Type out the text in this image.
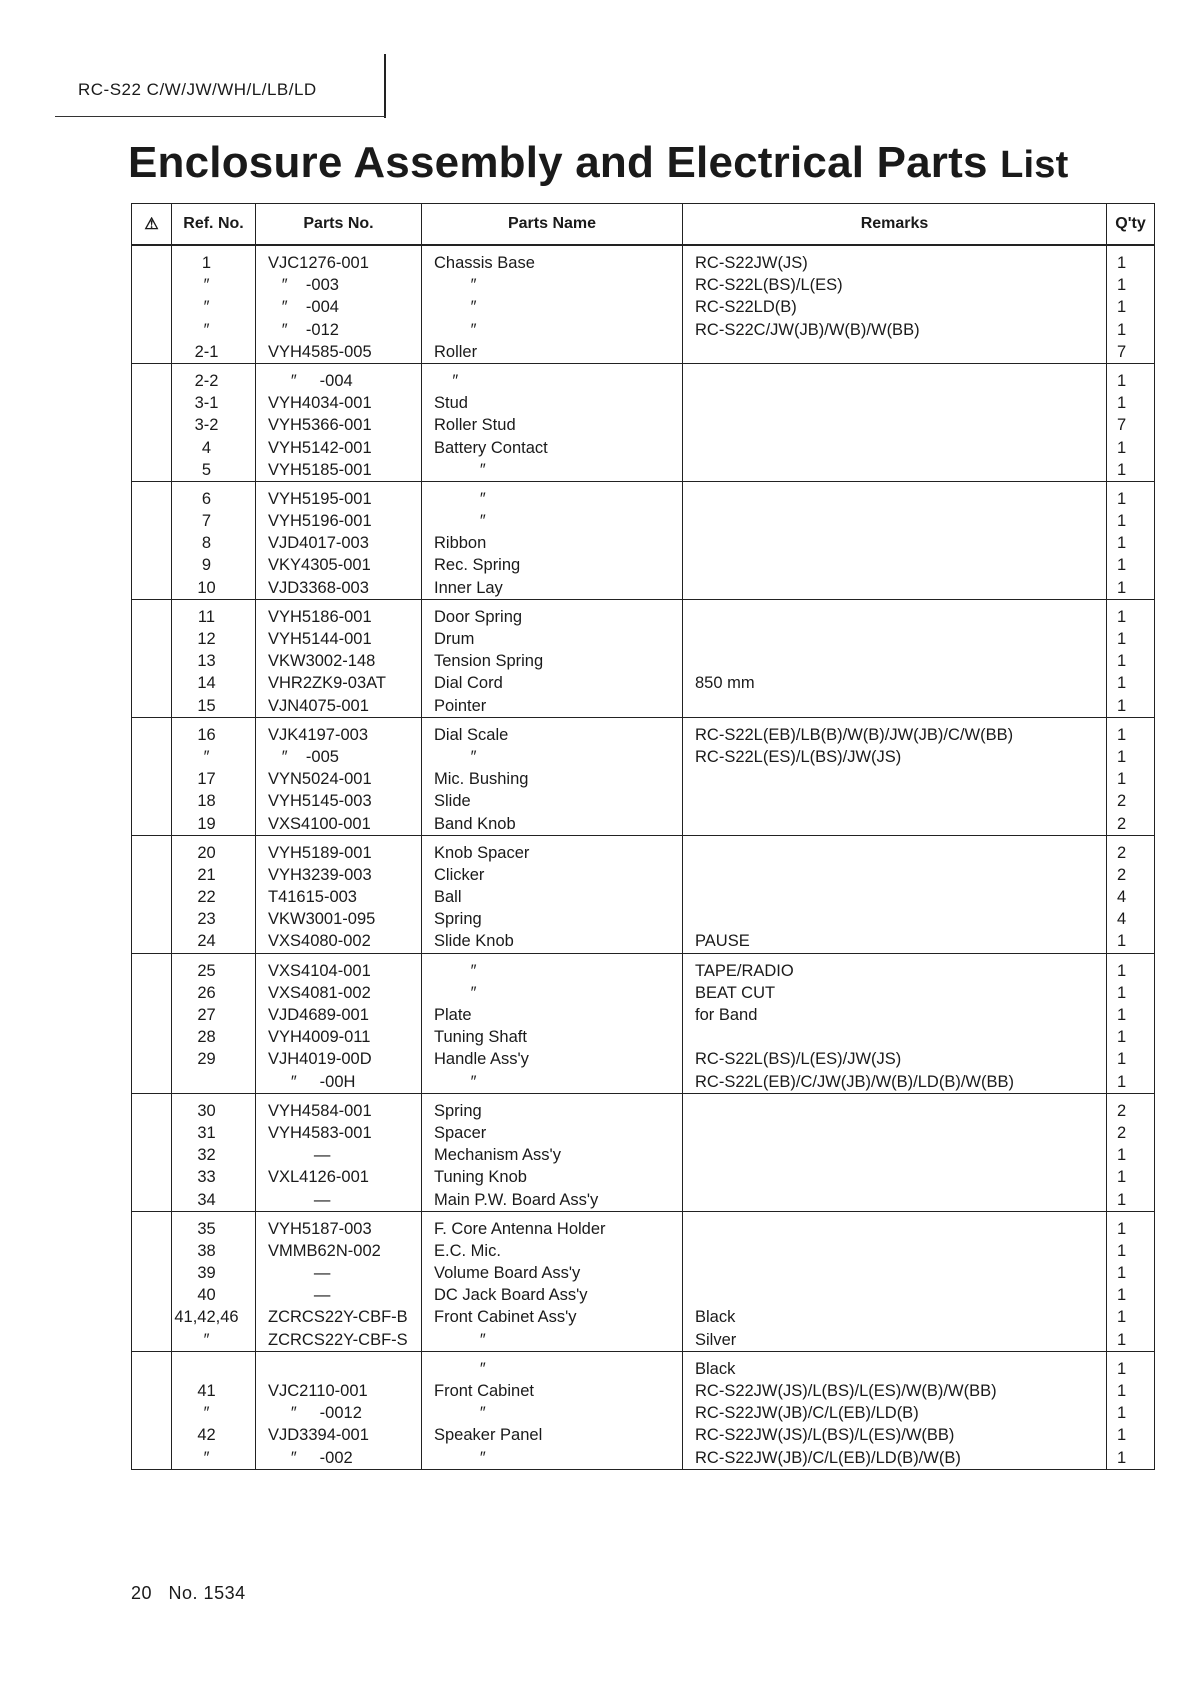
RC-S22 C/W/JW/WH/L/LB/LD
Enclosure Assembly and Electrical Parts List
⚠	Ref. No.	Parts No.	Parts Name	Remarks	Q'ty
	1	VJC1276-001	Chassis Base	RC-S22JW(JS)	1
	″	″    -003	″	RC-S22L(BS)/L(ES)	1
	″	″    -004	″	RC-S22LD(B)	1
	″	″    -012	″	RC-S22C/JW(JB)/W(B)/W(BB)	1
	2-1	VYH4585-005	Roller		7
	2-2	″     -004	″		1
	3-1	VYH4034-001	Stud		1
	3-2	VYH5366-001	Roller Stud		7
	4	VYH5142-001	Battery Contact		1
	5	VYH5185-001	″		1
	6	VYH5195-001	″		1
	7	VYH5196-001	″		1
	8	VJD4017-003	Ribbon		1
	9	VKY4305-001	Rec. Spring		1
	10	VJD3368-003	Inner Lay		1
	11	VYH5186-001	Door Spring		1
	12	VYH5144-001	Drum		1
	13	VKW3002-148	Tension Spring		1
	14	VHR2ZK9-03AT	Dial Cord	850 mm	1
	15	VJN4075-001	Pointer		1
	16	VJK4197-003	Dial Scale	RC-S22L(EB)/LB(B)/W(B)/JW(JB)/C/W(BB)	1
	″	″    -005	″	RC-S22L(ES)/L(BS)/JW(JS)	1
	17	VYN5024-001	Mic. Bushing		1
	18	VYH5145-003	Slide		2
	19	VXS4100-001	Band Knob		2
	20	VYH5189-001	Knob Spacer		2
	21	VYH3239-003	Clicker		2
	22	T41615-003	Ball		4
	23	VKW3001-095	Spring		4
	24	VXS4080-002	Slide Knob	PAUSE	1
	25	VXS4104-001	″	TAPE/RADIO	1
	26	VXS4081-002	″	BEAT CUT	1
	27	VJD4689-001	Plate	for Band	1
	28	VYH4009-011	Tuning Shaft		1
	29	VJH4019-00D	Handle Ass'y	RC-S22L(BS)/L(ES)/JW(JS)	1
		″     -00H	″	RC-S22L(EB)/C/JW(JB)/W(B)/LD(B)/W(BB)	1
	30	VYH4584-001	Spring		2
	31	VYH4583-001	Spacer		2
	32	—	Mechanism Ass'y		1
	33	VXL4126-001	Tuning Knob		1
	34	—	Main P.W. Board Ass'y		1
	35	VYH5187-003	F. Core Antenna Holder		1
	38	VMMB62N-002	E.C. Mic.		1
	39	—	Volume Board Ass'y		1
	40	—	DC Jack Board Ass'y		1
	41,42,46	ZCRCS22Y-CBF-B	Front Cabinet Ass'y	Black	1
	″	ZCRCS22Y-CBF-S	″	Silver	1
			″	Black	1
	41	VJC2110-001	Front Cabinet	RC-S22JW(JS)/L(BS)/L(ES)/W(B)/W(BB)	1
	″	″     -0012	″	RC-S22JW(JB)/C/L(EB)/LD(B)	1
	42	VJD3394-001	Speaker Panel	RC-S22JW(JS)/L(BS)/L(ES)/W(BB)	1
	″	″     -002	″	RC-S22JW(JB)/C/L(EB)/LD(B)/W(B)	1
20 No. 1534
